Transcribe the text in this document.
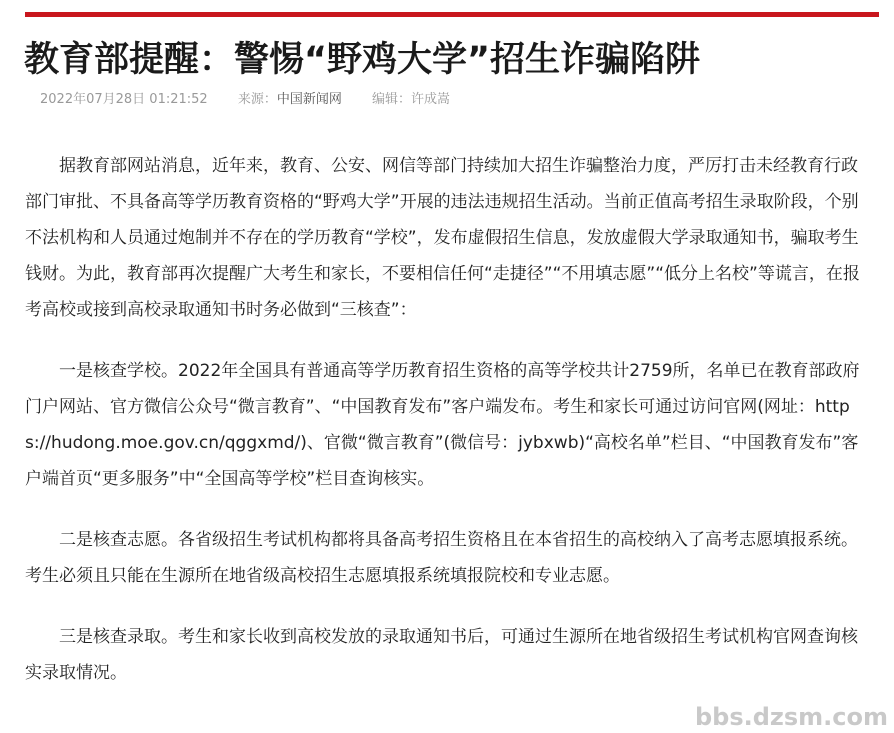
教育部提醒：警惕“野鸡大学”招生诈骗陷阱
2022年07月28日 01:21:52 来源：中国新闻网 编辑：许成嵩

据教育部网站消息，近年来，教育、公安、网信等部门持续加大招生诈骗整治力度，严厉打击未经教育行政部门审批、不具备高等学历教育资格的“野鸡大学”开展的违法违规招生活动。当前正值高考招生录取阶段，个别不法机构和人员通过炮制并不存在的学历教育“学校”，发布虚假招生信息，发放虚假大学录取通知书，骗取考生钱财。为此，教育部再次提醒广大考生和家长，不要相信任何“走捷径”“不用填志愿”“低分上名校”等谎言，在报考高校或接到高校录取通知书时务必做到“三核查”：

一是核查学校。2022年全国具有普通高等学历教育招生资格的高等学校共计2759所，名单已在教育部政府门户网站、官方微信公众号“微言教育”、“中国教育发布”客户端发布。考生和家长可通过访问官网(网址：https://hudong.moe.gov.cn/qggxmd/)、官微“微言教育”(微信号：jybxwb)“高校名单”栏目、“中国教育发布”客户端首页“更多服务”中“全国高等学校”栏目查询核实。

二是核查志愿。各省级招生考试机构都将具备高考招生资格且在本省招生的高校纳入了高考志愿填报系统。考生必须且只能在生源所在地省级高校招生志愿填报系统填报院校和专业志愿。

三是核查录取。考生和家长收到高校发放的录取通知书后，可通过生源所在地省级招生考试机构官网查询核实录取情况。

bbs.dzsm.com
